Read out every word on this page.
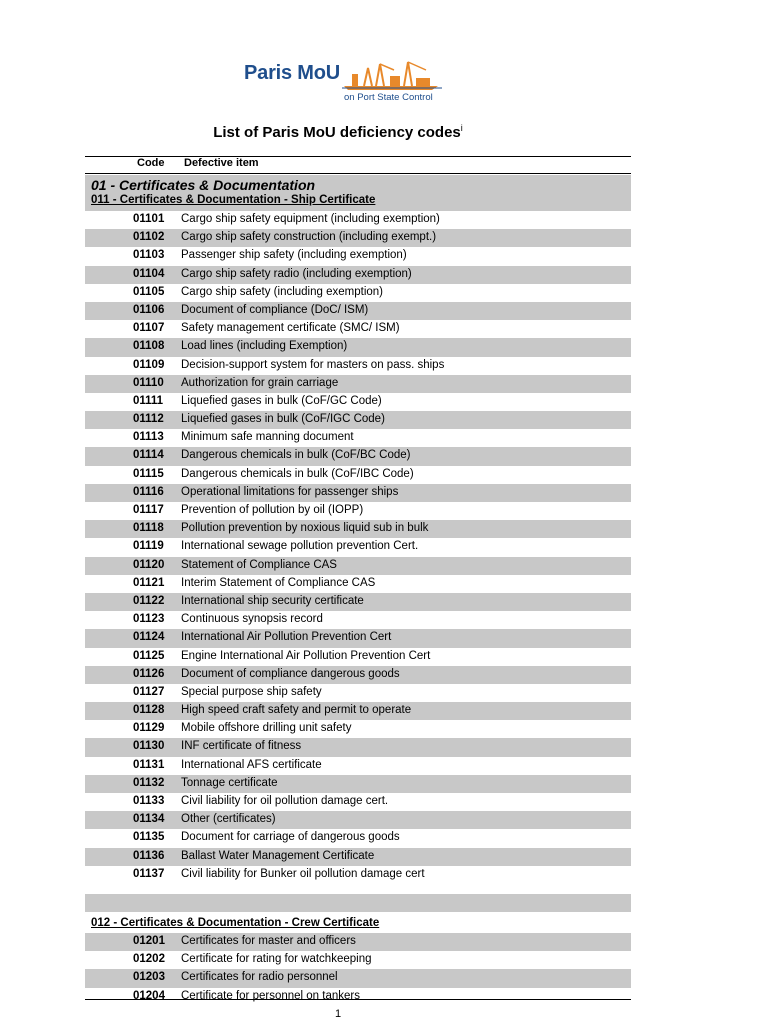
Paris MoU
on Port State Control
List of Paris MoU deficiency codes$^i$
Code Defective item
01 - Certificates & Documentation
011 - Certificates & Documentation - Ship Certificate
01101 Cargo ship safety equipment (including exemption)
01102 Cargo ship safety construction (including exempt.)
01103 Passenger ship safety (including exemption)
01104 Cargo ship safety radio (including exemption)
01105 Cargo ship safety (including exemption)
01106 Document of compliance (DoC/ ISM)
01107 Safety management certificate (SMC/ ISM)
01108 Load lines (including Exemption)
01109 Decision-support system for masters on pass. ships
01110 Authorization for grain carriage
01111 Liquefied gases in bulk (CoF/GC Code)
01112 Liquefied gases in bulk (CoF/IGC Code)
01113 Minimum safe manning document
01114 Dangerous chemicals in bulk (CoF/BC Code)
01115 Dangerous chemicals in bulk (CoF/IBC Code)
01116 Operational limitations for passenger ships
01117 Prevention of pollution by oil (IOPP)
01118 Pollution prevention by noxious liquid sub in bulk
01119 International sewage pollution prevention Cert.
01120 Statement of Compliance CAS
01121 Interim Statement of Compliance CAS
01122 International ship security certificate
01123 Continuous synopsis record
01124 International Air Pollution Prevention Cert
01125 Engine International Air Pollution Prevention Cert
01126 Document of compliance dangerous goods
01127 Special purpose ship safety
01128 High speed craft safety and permit to operate
01129 Mobile offshore drilling unit safety
01130 INF certificate of fitness
01131 International AFS certificate
01132 Tonnage certificate
01133 Civil liability for oil pollution damage cert.
01134 Other (certificates)
01135 Document for carriage of dangerous goods
01136 Ballast Water Management Certificate
01137 Civil liability for Bunker oil pollution damage cert
012 - Certificates & Documentation - Crew Certificate
01201 Certificates for master and officers
01202 Certificate for rating for watchkeeping
01203 Certificates for radio personnel
01204 Certificate for personnel on tankers
1
